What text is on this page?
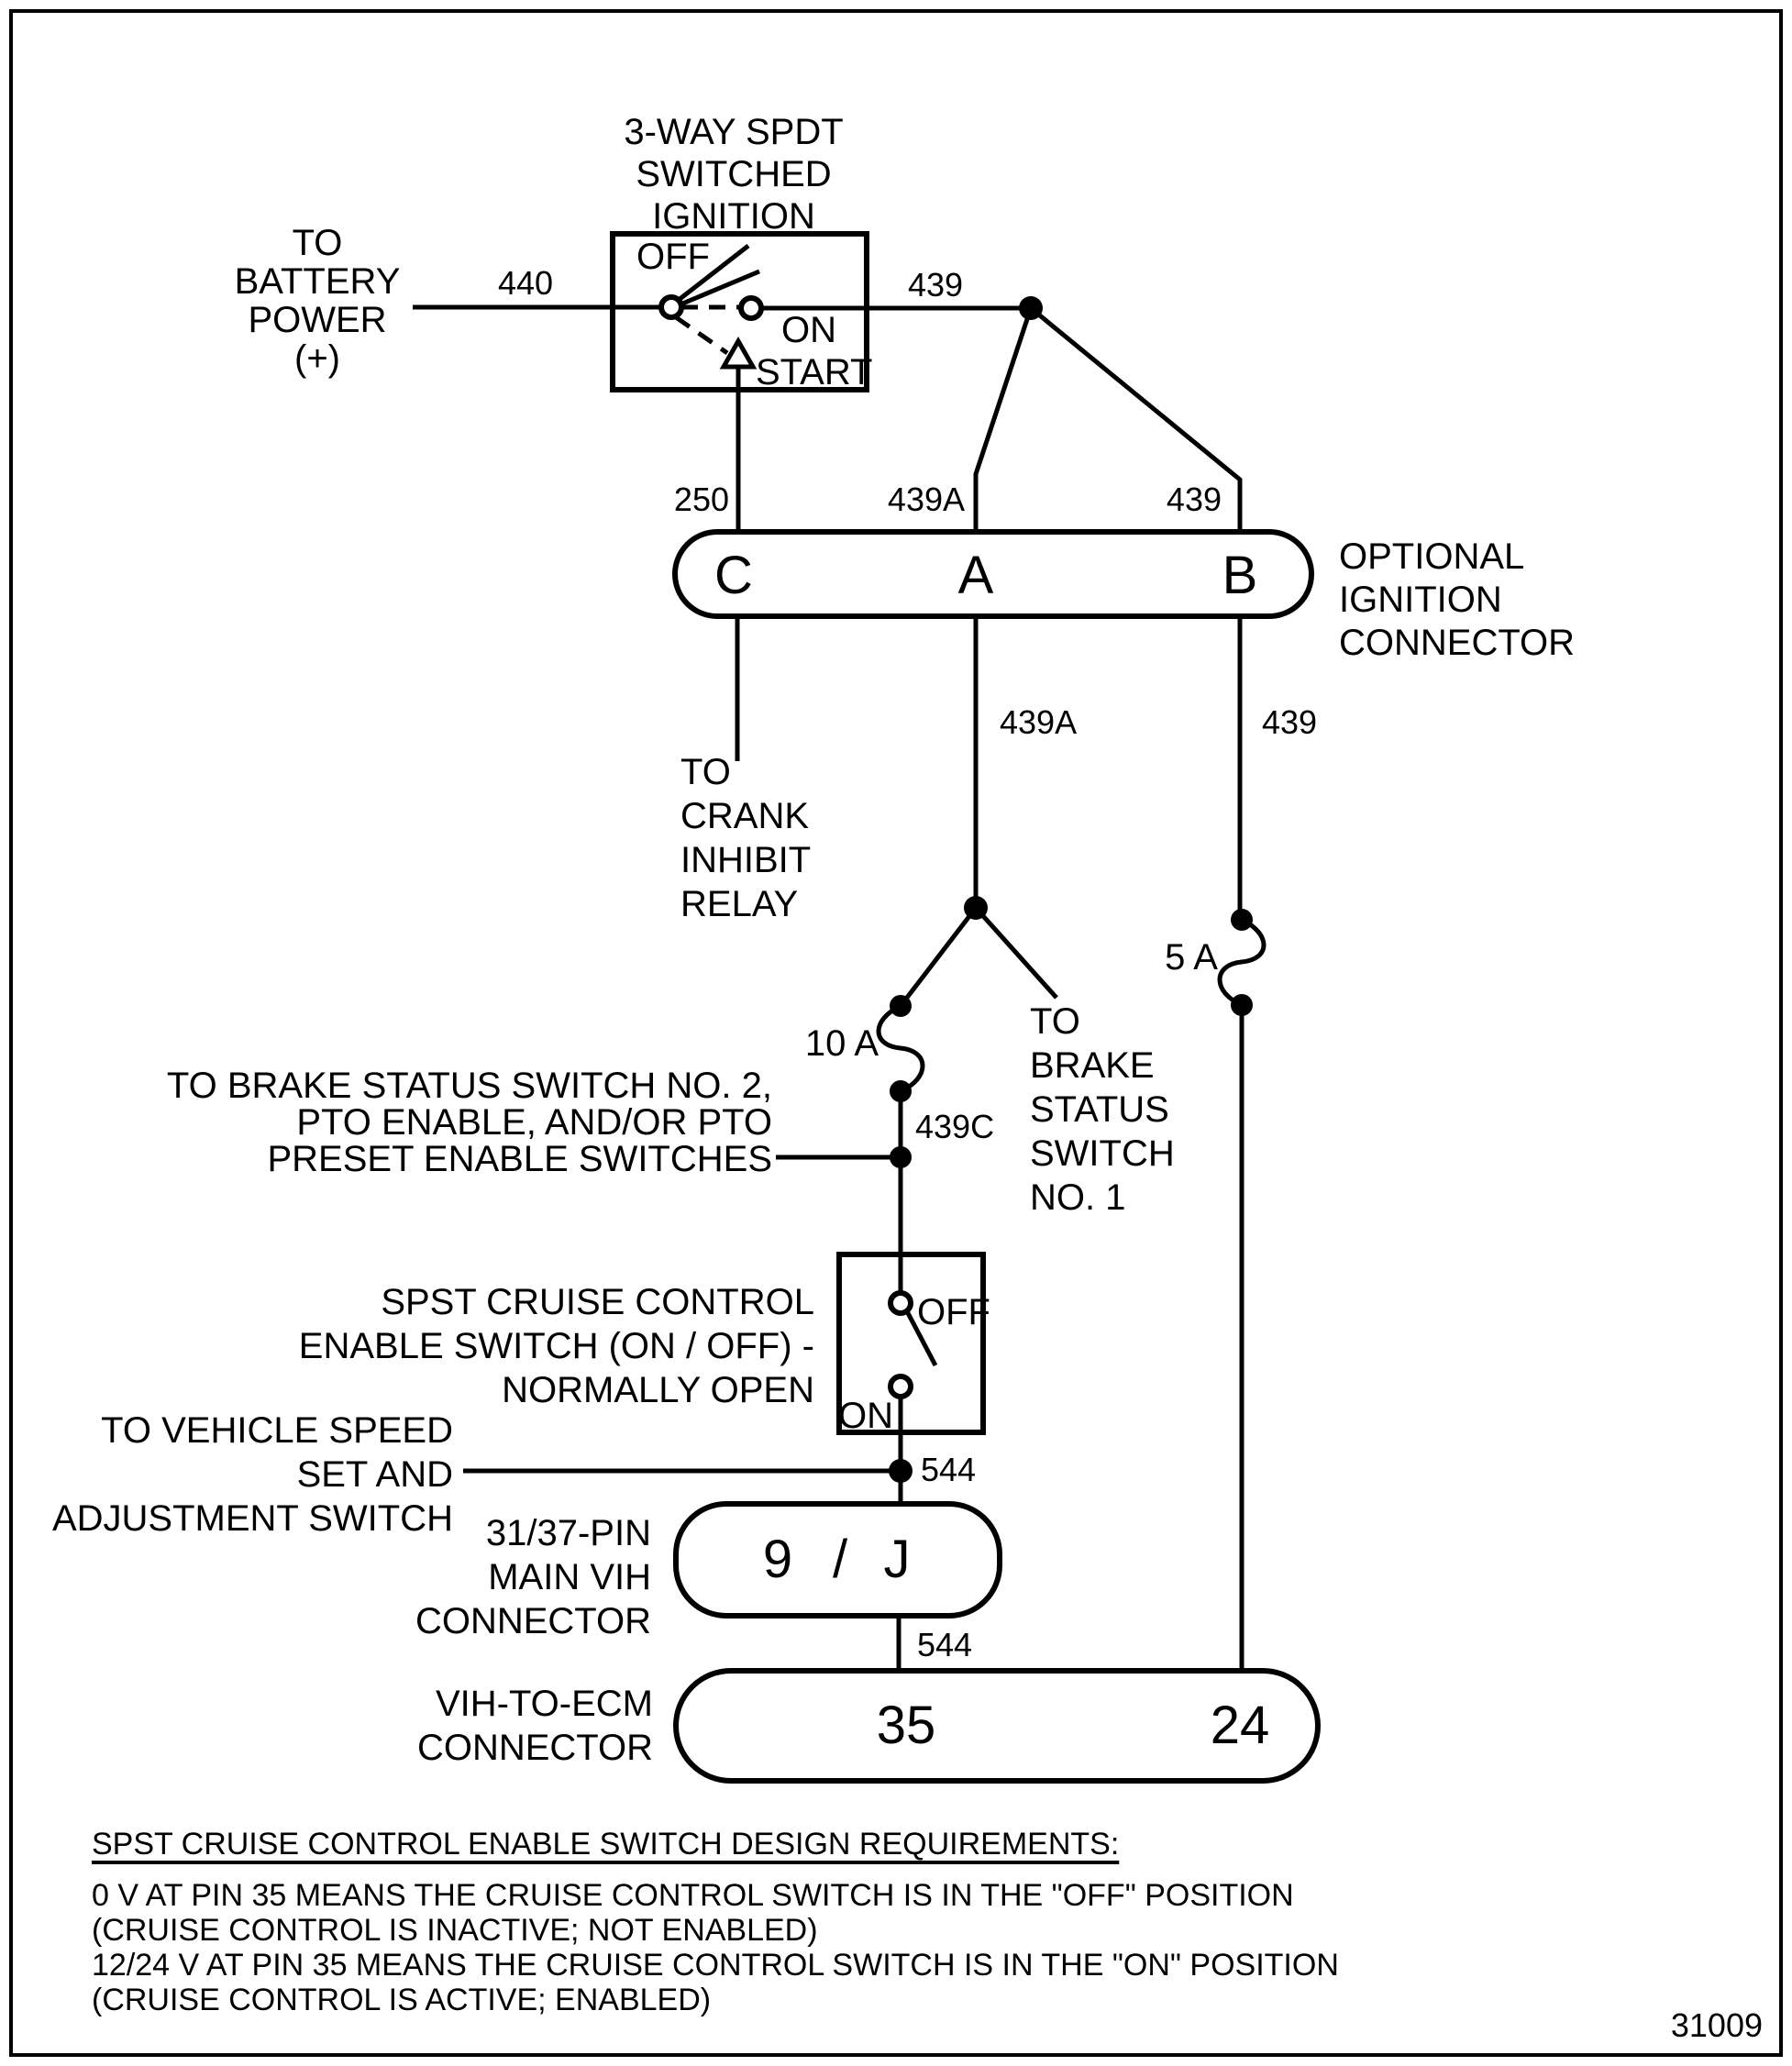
3-WAY SPDT
SWITCHED
IGNITION
TO
BATTERY
POWER
(+)
440
OFF
ON
START
439
250	439A	439
C	A	B OPTIONAL
IGNITION
CONNECTOR
439A	439
TO
CRANK
INHIBIT
RELAY
10 A
5 A
439C
TO
BRAKE
STATUS
SWITCH
NO. 1
TO BRAKE STATUS SWITCH NO. 2,
PTO ENABLE, AND/OR PTO
PRESET ENABLE SWITCHES
SPST CRUISE CONTROL
ENABLE SWITCH (ON / OFF) -
NORMALLY OPEN
OFF
ON
TO VEHICLE SPEED
SET AND
ADJUSTMENT SWITCH
544
31/37-PIN
MAIN VIH
CONNECTOR
9 / J
544
VIH-TO-ECM
CONNECTOR	35	24
SPST CRUISE CONTROL ENABLE SWITCH DESIGN REQUIREMENTS:
0 V AT PIN 35 MEANS THE CRUISE CONTROL SWITCH IS IN THE "OFF" POSITION
(CRUISE CONTROL IS INACTIVE; NOT ENABLED)
12/24 V AT PIN 35 MEANS THE CRUISE CONTROL SWITCH IS IN THE "ON" POSITION
(CRUISE CONTROL IS ACTIVE; ENABLED)
31009
